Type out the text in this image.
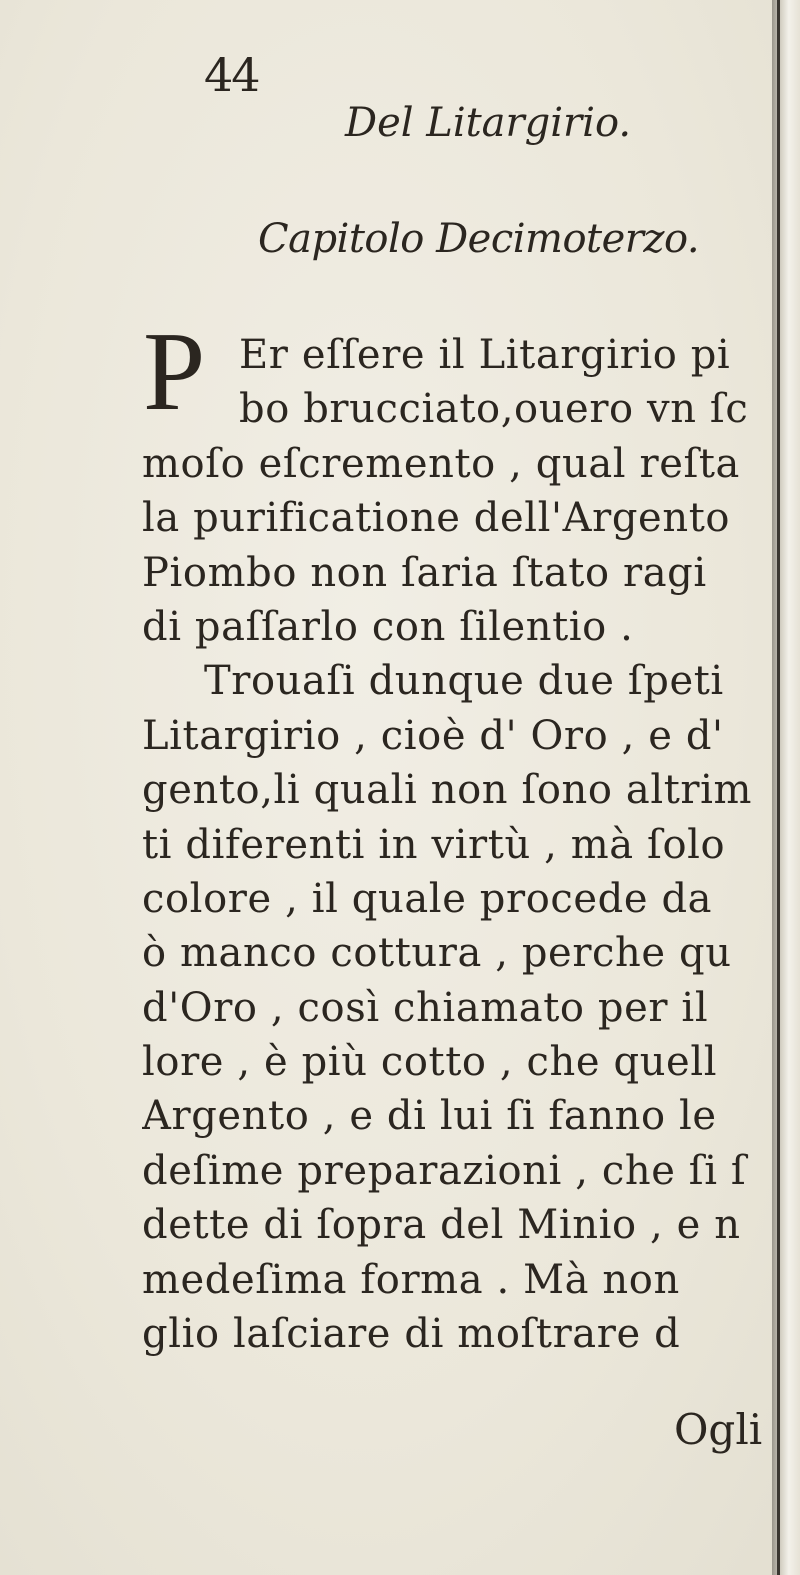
44
Del Litargirio.
Capitolo Decimoterzo.
P Er eſſere il Litargirio pi
bo brucciato,ouero vn ſc
moſo eſcremento , qual reſta
la purificatione dell'Argento
Piombo non ſaria ſtato ragi
di paſſarlo con ſilentio .
Trouaſi dunque due ſpeti
Litargirio , cioè d' Oro , e d'
gento,li quali non ſono altrim
ti diferenti in virtù , mà ſolo
colore , il quale procede da
ò manco cottura , perche qu
d'Oro , così chiamato per il
lore , è più cotto , che quell
Argento , e di lui ſi fanno le
deſime preparazioni , che ſi ſ
dette di ſopra del Minio , e n
medeſima forma . Mà non
glio laſciare di moſtrare d
Ogli
